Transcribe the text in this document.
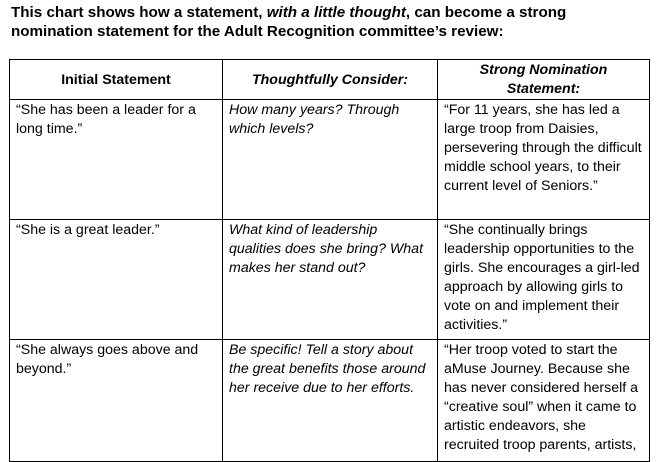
This chart shows how a statement, with a little thought, can become a strong nomination statement for the Adult Recognition committee’s review:
Initial Statement	Thoughtfully Consider:	Strong Nomination Statement:
“She has been a leader for a long time.”	How many years? Through which levels?	“For 11 years, she has led a large troop from Daisies, persevering through the difficult middle school years, to their current level of Seniors.”
“She is a great leader.”	What kind of leadership qualities does she bring? What makes her stand out?	“She continually brings leadership opportunities to the girls. She encourages a girl-led approach by allowing girls to vote on and implement their activities.”
“She always goes above and beyond.”	Be specific! Tell a story about the great benefits those around her receive due to her efforts.	“Her troop voted to start the aMuse Journey. Because she has never considered herself a “creative soul” when it came to artistic endeavors, she recruited troop parents, artists,
